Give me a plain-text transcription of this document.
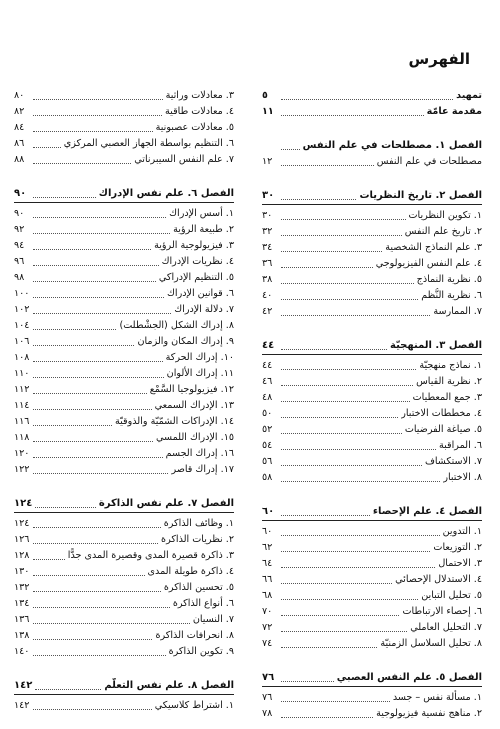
الفهرس
تمهيد
٥
مقدمة عامّة
١١
الفصل ١. مصطلحات في علم النفس
مصطلحات في علم النفس
١٢
الفصل ٢. تاريخ النظريات
٣٠
١. تكوين النظريات
٣٠
٢. تاريخ علم النفس
٣٢
٣. علم النماذج الشخصية
٣٤
٤. علم النفس الفيزيولوجي
٣٦
٥. نظرية النماذج
٣٨
٦. نظرية النُّظم
٤٠
٧. الممارسة
٤٢
الفصل ٣. المنهجيّة
٤٤
١. نماذج منهجيّة
٤٤
٢. نظرية القياس
٤٦
٣. جمع المعطيات
٤٨
٤. مخططات الاختبار
٥٠
٥. صياغة الفرضيات
٥٢
٦. المراقبة
٥٤
٧. الاستكشاف
٥٦
٨. الاختبار
٥٨
الفصل ٤. علم الإحصاء
٦٠
١. التدوين
٦٠
٢. التوزيعات
٦٢
٣. الاحتمال
٦٤
٤. الاستدلال الإحصائي
٦٦
٥. تحليل التباين
٦٨
٦. إحصاء الارتباطات
٧٠
٧. التحليل العاملي
٧٢
٨. تحليل السلاسل الزمنيّة
٧٤
الفصل ٥. علم النفس العصبي
٧٦
١. مسألة نفس – جسد
٧٦
٢. مناهج نفسية فيزيولوجية
٧٨
٣. معادلات وراثية
٨٠
٤. معادلات طاقية
٨٢
٥. معادلات عصبونية
٨٤
٦. التنظيم بواسطة الجهاز العصبي المركزي
٨٦
٧. علم النفس السيبرناتي
٨٨
الفصل ٦. علم نفس الإدراك
٩٠
١. أسس الإدراك
٩٠
٢. طبيعة الرؤية
٩٢
٣. فيزيولوجية الرؤية
٩٤
٤. نظريات الإدراك
٩٦
٥. التنظيم الإدراكي
٩٨
٦. قوانين الإدراك
١٠٠
٧. دلالة الإدراك
١٠٢
٨. إدراك الشكل (الجشْطلت)
١٠٤
٩. إدراك المكان والزمان
١٠٦
١٠. إدراك الحركة
١٠٨
١١. إدراك الألوان
١١٠
١٢. فيزيولوجيا السَّمْع
١١٢
١٣. الإدراك السمعي
١١٤
١٤. الإدراكات الشمّيّة والذوقيّة
١١٦
١٥. الإدراك اللمسي
١١٨
١٦. إدراك الجسم
١٢٠
١٧. إدراك قاصر
١٢٢
الفصل ٧. علم نفس الذاكرة
١٢٤
١. وظائف الذاكرة
١٢٤
٢. نظريات الذاكرة
١٢٦
٣. ذاكرة قصيرة المدى وقصيرة المدى جدًّا
١٢٨
٤. ذاكرة طويلة المدى
١٣٠
٥. تحسين الذاكرة
١٣٢
٦. أنواع الذاكرة
١٣٤
٧. النسيان
١٣٦
٨. انحرافات الذاكرة
١٣٨
٩. تكوين الذاكرة
١٤٠
الفصل ٨. علم نفس التعلّم
١٤٢
١. اشتراط كلاسيكي
١٤٢
